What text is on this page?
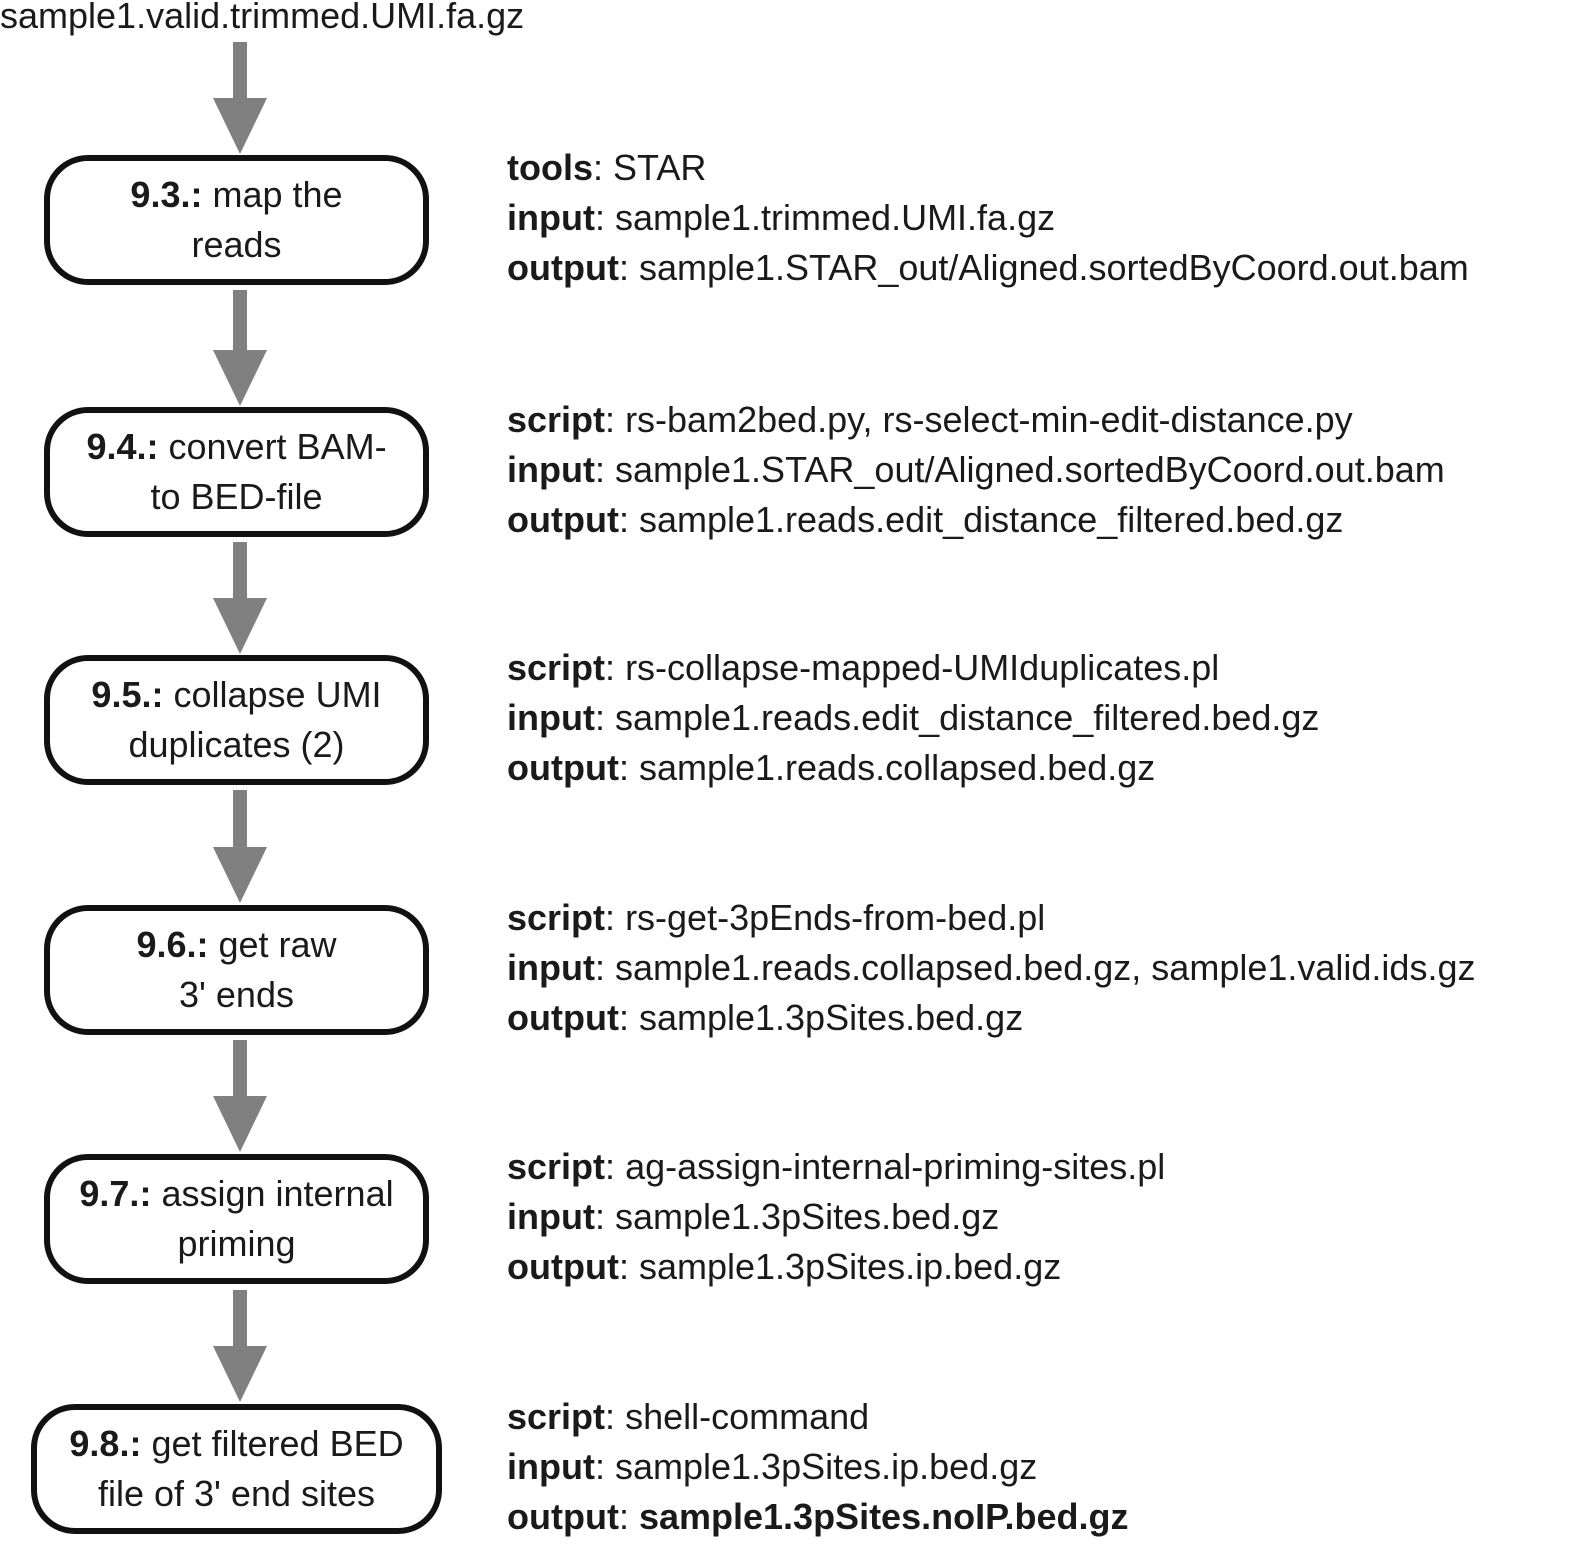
sample1.valid.trimmed.UMI.fa.gz
9.3.: map the
reads
tools: STAR
input: sample1.trimmed.UMI.fa.gz
output: sample1.STAR_out/Aligned.sortedByCoord.out.bam
9.4.: convert BAM-
to BED-file
script: rs-bam2bed.py, rs-select-min-edit-distance.py
input: sample1.STAR_out/Aligned.sortedByCoord.out.bam
output: sample1.reads.edit_distance_filtered.bed.gz
9.5.: collapse UMI
duplicates (2)
script: rs-collapse-mapped-UMIduplicates.pl
input: sample1.reads.edit_distance_filtered.bed.gz
output: sample1.reads.collapsed.bed.gz
9.6.: get raw
3' ends
script: rs-get-3pEnds-from-bed.pl
input: sample1.reads.collapsed.bed.gz, sample1.valid.ids.gz
output: sample1.3pSites.bed.gz
9.7.: assign internal
priming
script: ag-assign-internal-priming-sites.pl
input: sample1.3pSites.bed.gz
output: sample1.3pSites.ip.bed.gz
9.8.: get filtered BED
file of 3' end sites
script: shell-command
input: sample1.3pSites.ip.bed.gz
output: sample1.3pSites.noIP.bed.gz
